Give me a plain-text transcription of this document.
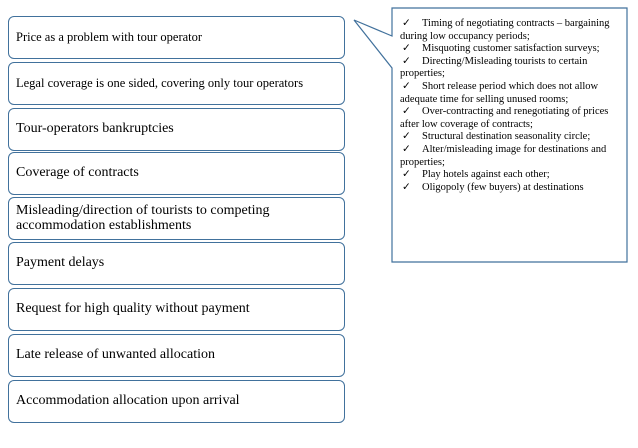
Price as a problem with tour operator
Legal coverage is one sided, covering only tour operators
Tour-operators bankruptcies
Coverage of contracts
Misleading/direction of tourists to competing accommodation establishments
Payment delays
Request for high quality without payment
Late release of unwanted allocation
Accommodation allocation upon arrival
✓ Timing of negotiating contracts – bargaining during low occupancy periods;
✓ Misquoting customer satisfaction surveys;
✓ Directing/Misleading tourists to certain properties;
✓ Short release period which does not allow adequate time for selling unused rooms;
✓ Over-contracting and renegotiating of prices after low coverage of contracts;
✓ Structural destination seasonality circle;
✓ Alter/misleading image for destinations and properties;
✓ Play hotels against each other;
✓ Oligopoly (few buyers) at destinations
